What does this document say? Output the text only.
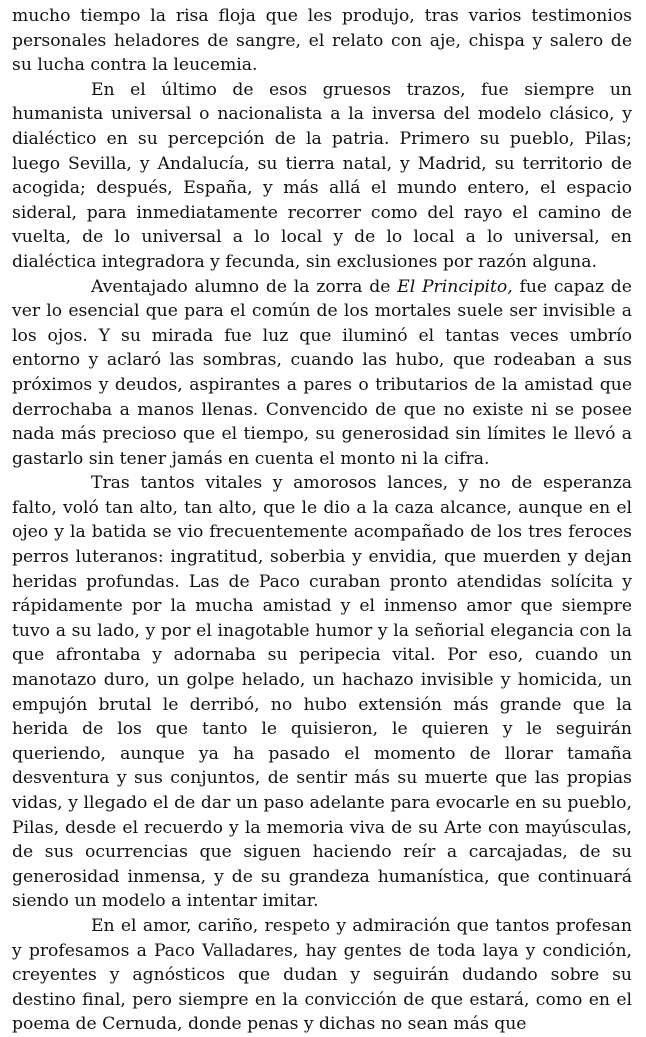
mucho tiempo la risa floja que les produjo, tras varios testimonios personales heladores de sangre, el relato con aje, chispa y salero de su lucha contra la leucemia.

En el último de esos gruesos trazos, fue siempre un humanista universal o nacionalista a la inversa del modelo clásico, y dialéctico en su percepción de la patria. Primero su pueblo, Pilas; luego Sevilla, y Andalucía, su tierra natal, y Madrid, su territorio de acogida; después, España, y más allá el mundo entero, el espacio sideral, para inmediatamente recorrer como del rayo el camino de vuelta, de lo universal a lo local y de lo local a lo universal, en dialéctica integradora y fecunda, sin exclusiones por razón alguna.

Aventajado alumno de la zorra de El Principito, fue capaz de ver lo esencial que para el común de los mortales suele ser invisible a los ojos. Y su mirada fue luz que iluminó el tantas veces umbrío entorno y aclaró las sombras, cuando las hubo, que rodeaban a sus próximos y deudos, aspirantes a pares o tributarios de la amistad que derrochaba a manos llenas. Convencido de que no existe ni se posee nada más precioso que el tiempo, su generosidad sin límites le llevó a gastarlo sin tener jamás en cuenta el monto ni la cifra.

Tras tantos vitales y amorosos lances, y no de esperanza falto, voló tan alto, tan alto, que le dio a la caza alcance, aunque en el ojeo y la batida se vio frecuentemente acompañado de los tres feroces perros luteranos: ingratitud, soberbia y envidia, que muerden y dejan heridas profundas. Las de Paco curaban pronto atendidas solícita y rápidamente por la mucha amistad y el inmenso amor que siempre tuvo a su lado, y por el inagotable humor y la señorial elegancia con la que afrontaba y adornaba su peripecia vital. Por eso, cuando un manotazo duro, un golpe helado, un hachazo invisible y homicida, un empujón brutal le derribó, no hubo extensión más grande que la herida de los que tanto le quisieron, le quieren y le seguirán queriendo, aunque ya ha pasado el momento de llorar tamaña desventura y sus conjuntos, de sentir más su muerte que las propias vidas, y llegado el de dar un paso adelante para evocarle en su pueblo, Pilas, desde el recuerdo y la memoria viva de su Arte con mayúsculas, de sus ocurrencias que siguen haciendo reír a carcajadas, de su generosidad inmensa, y de su grandeza humanística, que continuará siendo un modelo a intentar imitar.

En el amor, cariño, respeto y admiración que tantos profesan y profesamos a Paco Valladares, hay gentes de toda laya y condición, creyentes y agnósticos que dudan y seguirán dudando sobre su destino final, pero siempre en la convicción de que estará, como en el poema de Cernuda, donde penas y dichas no sean más que
